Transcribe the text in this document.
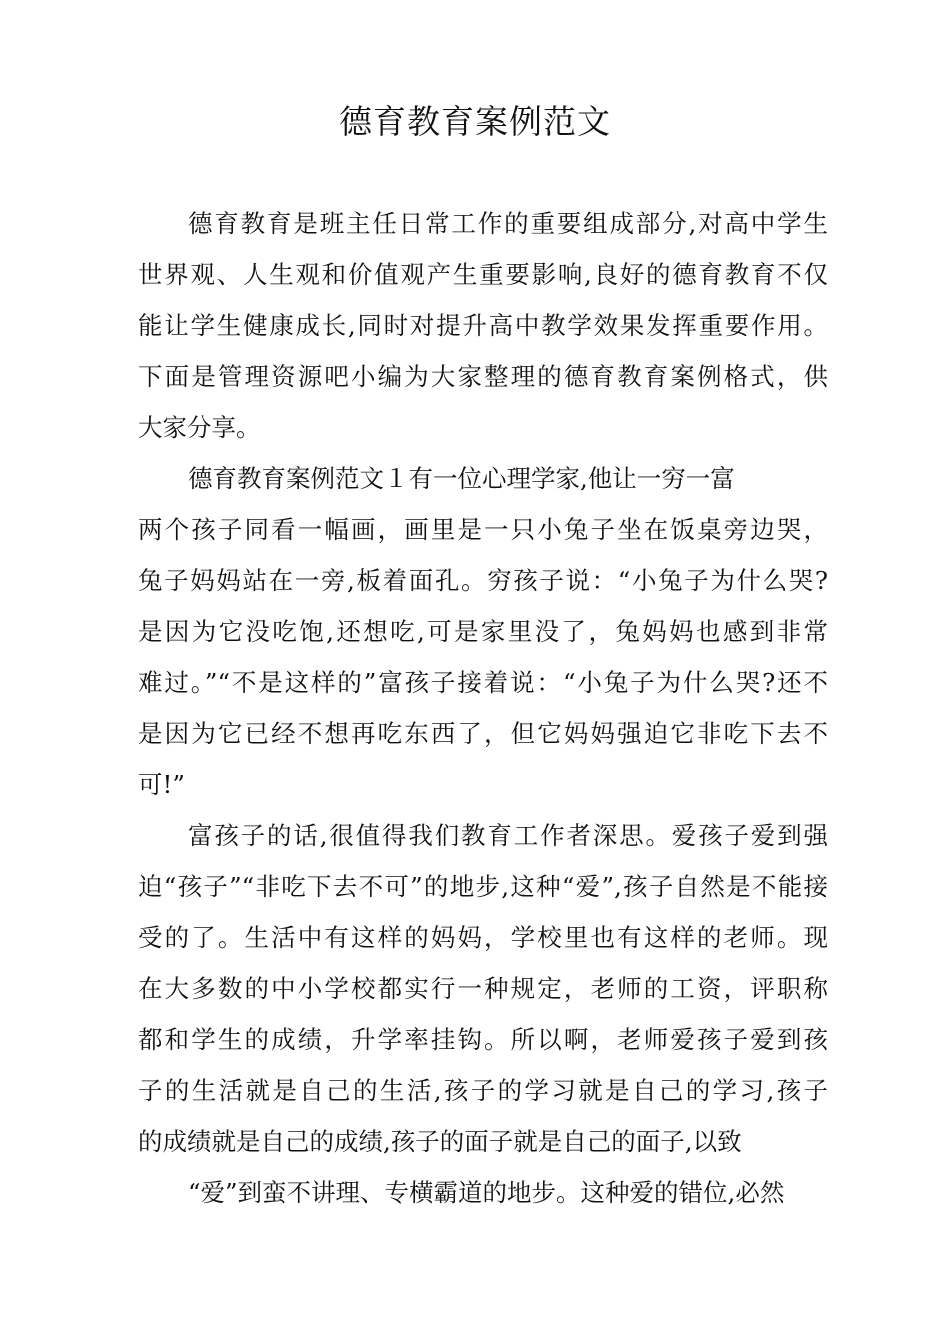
德育教育案例范文
德育教育是班主任日常工作的重要组成部分,对高中学生
世界观、人生观和价值观产生重要影响,良好的德育教育不仅
能让学生健康成长,同时对提升高中教学效果发挥重要作用。
下面是管理资源吧小编为大家整理的德育教育案例格式，供
大家分享。
德育教育案例范文１有一位心理学家,他让一穷一富
两个孩子同看一幅画，画里是一只小兔子坐在饭桌旁边哭，
兔子妈妈站在一旁,板着面孔。穷孩子说：“小兔子为什么哭?
是因为它没吃饱,还想吃,可是家里没了，兔妈妈也感到非常
难过。”“不是这样的”富孩子接着说：“小兔子为什么哭?还不
是因为它已经不想再吃东西了，但它妈妈强迫它非吃下去不
可!”
富孩子的话,很值得我们教育工作者深思。爱孩子爱到强
迫“孩子”“非吃下去不可”的地步,这种“爱”,孩子自然是不能接
受的了。生活中有这样的妈妈，学校里也有这样的老师。现
在大多数的中小学校都实行一种规定，老师的工资，评职称
都和学生的成绩，升学率挂钩。所以啊，老师爱孩子爱到孩
子的生活就是自己的生活,孩子的学习就是自己的学习,孩子
的成绩就是自己的成绩,孩子的面子就是自己的面子,以致
“爱”到蛮不讲理、专横霸道的地步。这种爱的错位,必然
